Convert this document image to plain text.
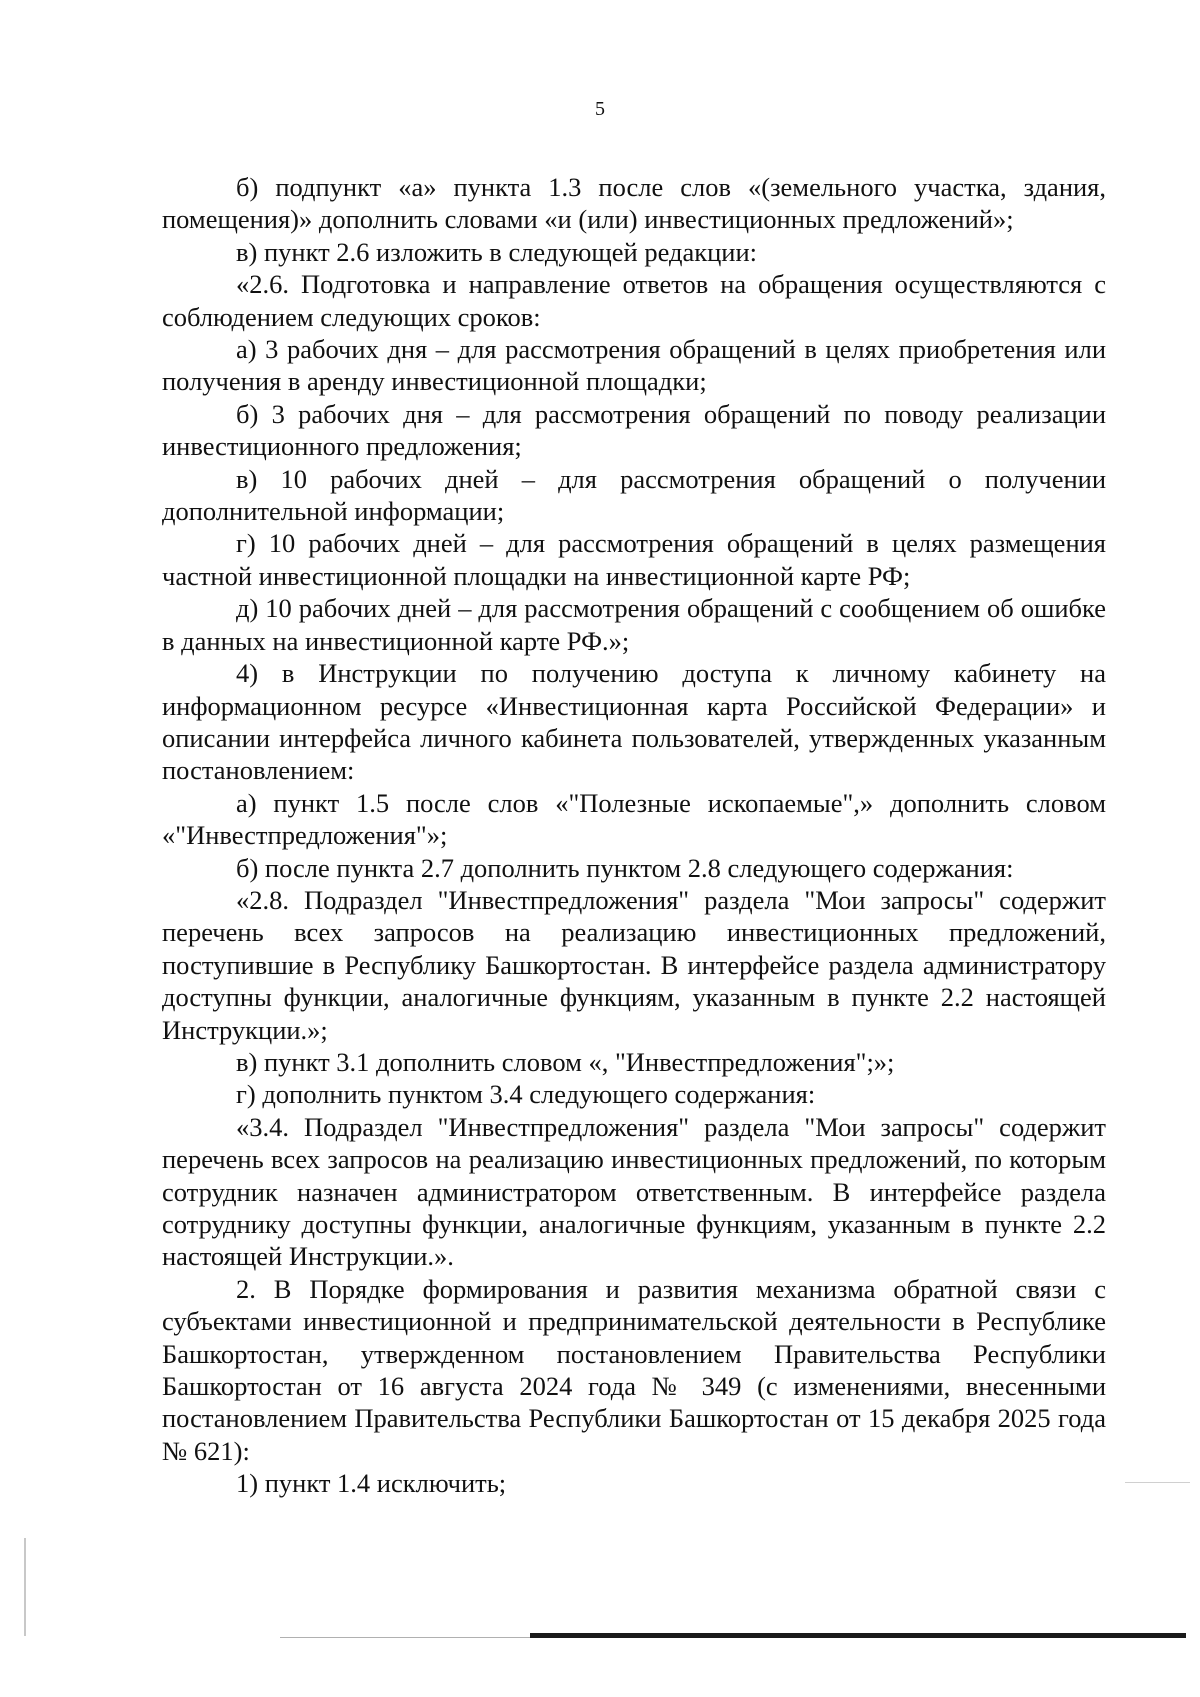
5

б) подпункт «а» пункта 1.3 после слов «(земельного участка, здания, помещения)» дополнить словами «и (или) инвестиционных предложений»;

в) пункт 2.6 изложить в следующей редакции:

«2.6. Подготовка и направление ответов на обращения осуществляются с соблюдением следующих сроков:

а) 3 рабочих дня – для рассмотрения обращений в целях приобретения или получения в аренду инвестиционной площадки;

б) 3 рабочих дня – для рассмотрения обращений по поводу реализации инвестиционного предложения;

в) 10 рабочих дней – для рассмотрения обращений о получении дополнительной информации;

г) 10 рабочих дней – для рассмотрения обращений в целях размещения частной инвестиционной площадки на инвестиционной карте РФ;

д) 10 рабочих дней – для рассмотрения обращений с сообщением об ошибке в данных на инвестиционной карте РФ.»;

4) в Инструкции по получению доступа к личному кабинету на информационном ресурсе «Инвестиционная карта Российской Федерации» и описании интерфейса личного кабинета пользователей, утвержденных указанным постановлением:

а) пункт 1.5 после слов «"Полезные ископаемые",» дополнить словом «"Инвестпредложения"»;

б) после пункта 2.7 дополнить пунктом 2.8 следующего содержания:

«2.8. Подраздел "Инвестпредложения" раздела "Мои запросы" содержит перечень всех запросов на реализацию инвестиционных предложений, поступившие в Республику Башкортостан. В интерфейсе раздела администратору доступны функции, аналогичные функциям, указанным в пункте 2.2 настоящей Инструкции.»;

в) пункт 3.1 дополнить словом «, "Инвестпредложения";»;

г) дополнить пунктом 3.4 следующего содержания:

«3.4. Подраздел "Инвестпредложения" раздела "Мои запросы" содержит перечень всех запросов на реализацию инвестиционных предложений, по которым сотрудник назначен администратором ответственным. В интерфейсе раздела сотруднику доступны функции, аналогичные функциям, указанным в пункте 2.2 настоящей Инструкции.».

2. В Порядке формирования и развития механизма обратной связи с субъектами инвестиционной и предпринимательской деятельности в Республике Башкортостан, утвержденном постановлением Правительства Республики Башкортостан от 16 августа 2024 года № 349 (с изменениями, внесенными постановлением Правительства Республики Башкортостан от 15 декабря 2025 года № 621):

1) пункт 1.4 исключить;
